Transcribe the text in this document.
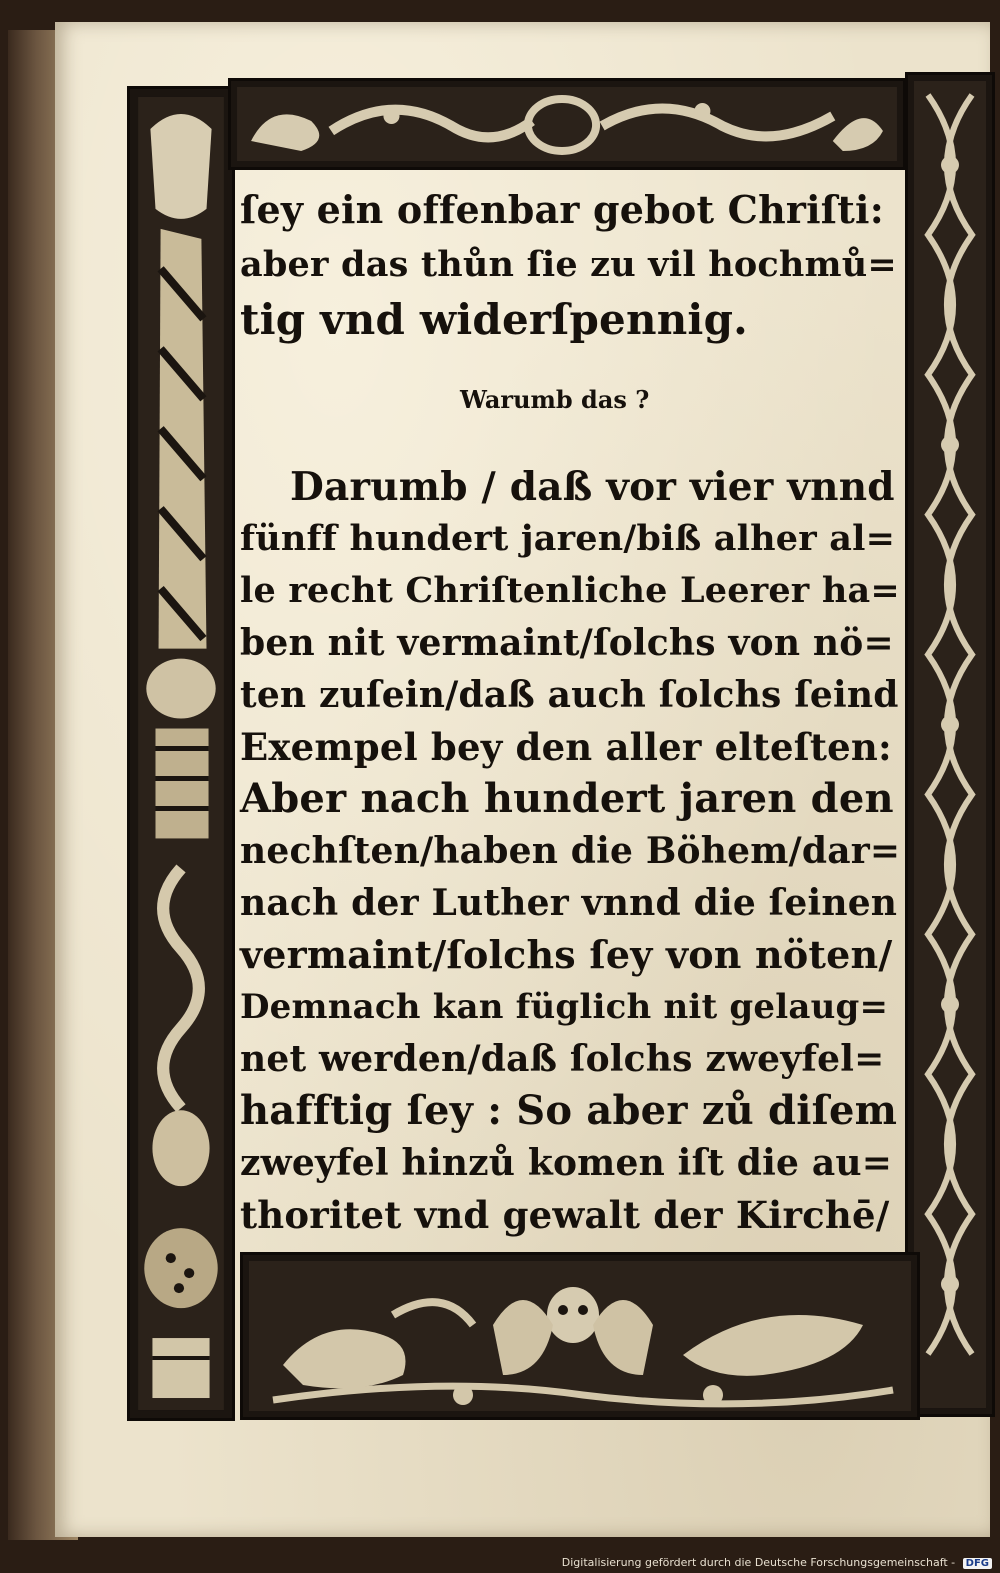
ſey ein offenbar gebot Chriſti:
aber das thůn ſie zu vil hochmů=
tig vnd widerſpennig.
Warumb das ?
Darumb / daß vor vier vnnd
fünff hundert jaren/biß alher al=
le recht Chriſtenliche Leerer ha=
ben nit vermaint/ſolchs von nö=
ten zuſein/daß auch ſolchs ſeind
Exempel bey den aller elteſten:
Aber nach hundert jaren den
nechſten/haben die Böhem/dar=
nach der Luther vnnd die ſeinen
vermaint/ſolchs ſey von nöten/
Demnach kan füglich nit gelaug=
net werden/daß ſolchs zweyfel=
hafftig ſey : So aber zů diſem
zweyfel hinzů komen iſt die au=
thoritet vnd gewalt der Kirchē/
Digitalisierung gefördert durch die Deutsche Forschungsgemeinschaft - DFG
